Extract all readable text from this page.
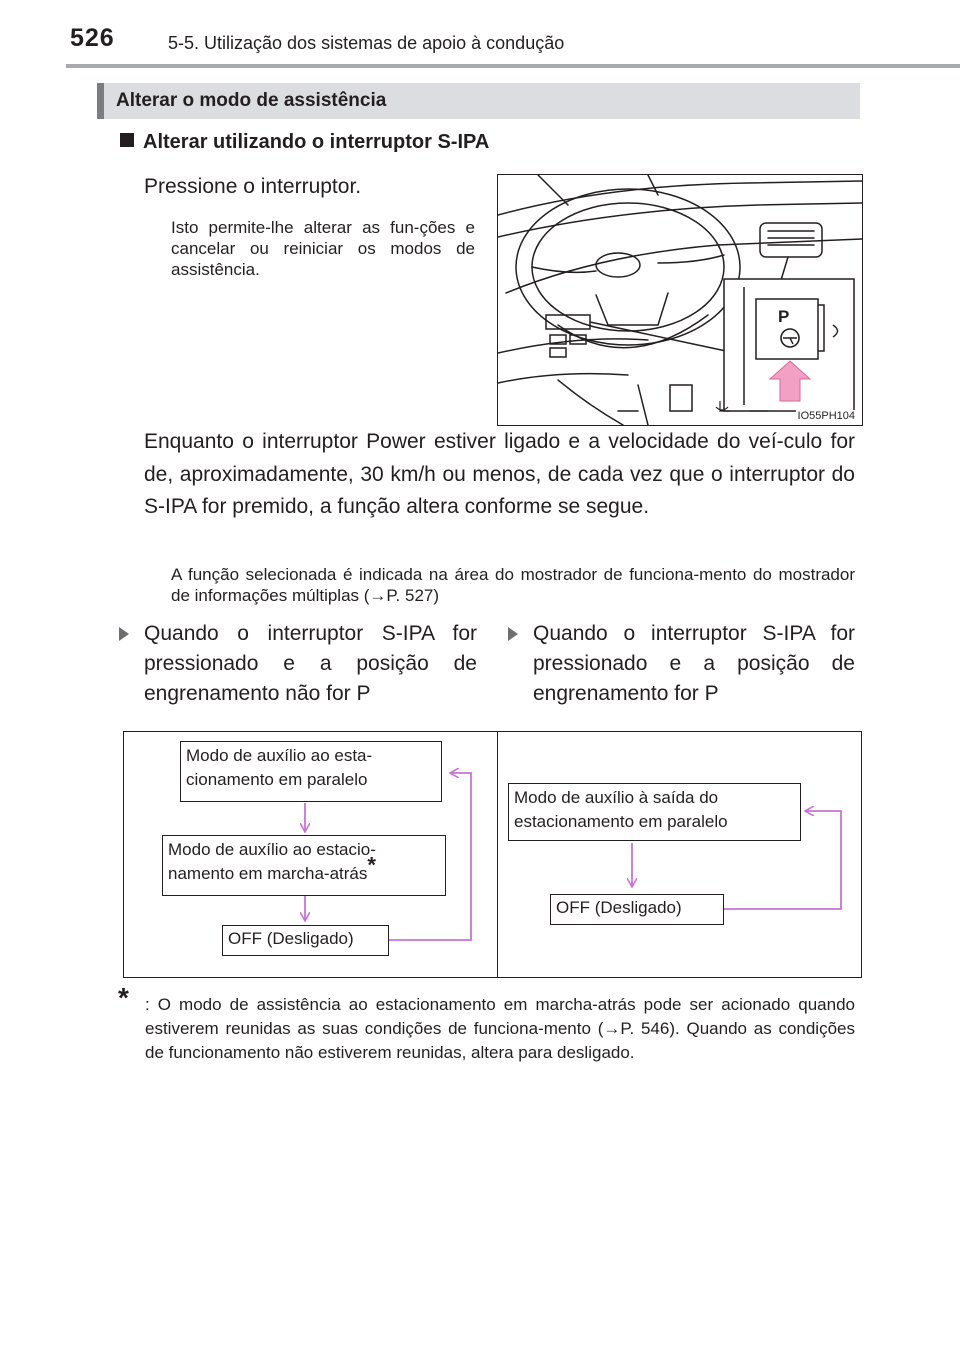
526	5-5. Utilização dos sistemas de apoio à condução
Alterar o modo de assistência
Alterar utilizando o interruptor S-IPA
Pressione o interruptor.
Isto permite-lhe alterar as fun-ções e cancelar ou reiniciar os modos de assistência.
P
IO55PH104
Enquanto o interruptor Power estiver ligado e a velocidade do veí-culo for de, aproximadamente, 30 km/h ou menos, de cada vez que o interruptor do S-IPA for premido, a função altera conforme se segue.
A função selecionada é indicada na área do mostrador de funciona-mento do mostrador de informações múltiplas (→P. 527)
Quando o interruptor S-IPA for pressionado e a posição de engrenamento não for P
Quando o interruptor S-IPA for pressionado e a posição de engrenamento for P
Modo de auxílio ao esta-
cionamento em paralelo
Modo de auxílio ao estacio-
namento em marcha-atrás*
OFF (Desligado)
Modo de auxílio à saída do
estacionamento em paralelo
OFF (Desligado)
* : O modo de assistência ao estacionamento em marcha-atrás pode ser acionado quando estiverem reunidas as suas condições de funciona-mento (→P. 546). Quando as condições de funcionamento não estiverem reunidas, altera para desligado.
